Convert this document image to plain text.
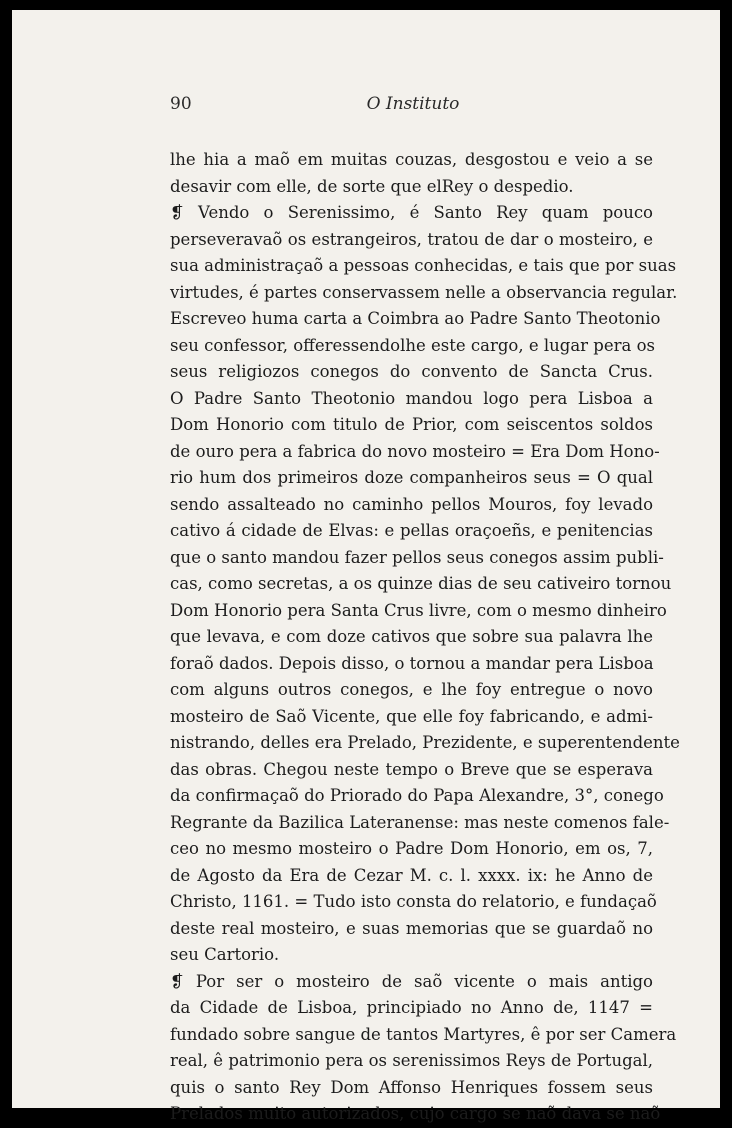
90	O Instituto
lhe hia a maõ em muitas couzas, desgostou e veio a se
desavir com elle, de sorte que elRey o despedio.
❡ Vendo o Serenissimo, é Santo Rey quam pouco
perseveravaõ os estrangeiros, tratou de dar o mosteiro, e
sua administraçaõ a pessoas conhecidas, e tais que por suas
virtudes, é partes conservassem nelle a observancia regular.
Escreveo huma carta a Coimbra ao Padre Santo Theotonio
seu confessor, offeressendolhe este cargo, e lugar pera os
seus religiozos conegos do convento de Sancta Crus.
O Padre Santo Theotonio mandou logo pera Lisboa a
Dom Honorio com titulo de Prior, com seiscentos soldos
de ouro pera a fabrica do novo mosteiro = Era Dom Hono-
rio hum dos primeiros doze companheiros seus = O qual
sendo assalteado no caminho pellos Mouros, foy levado
cativo á cidade de Elvas: e pellas oraçoeñs, e penitencias
que o santo mandou fazer pellos seus conegos assim publi-
cas, como secretas, a os quinze dias de seu cativeiro tornou
Dom Honorio pera Santa Crus livre, com o mesmo dinheiro
que levava, e com doze cativos que sobre sua palavra lhe
foraõ dados. Depois disso, o tornou a mandar pera Lisboa
com alguns outros conegos, e lhe foy entregue o novo
mosteiro de Saõ Vicente, que elle foy fabricando, e admi-
nistrando, delles era Prelado, Prezidente, e superentendente
das obras. Chegou neste tempo o Breve que se esperava
da confirmaçaõ do Priorado do Papa Alexandre, 3°, conego
Regrante da Bazilica Lateranense: mas neste comenos fale-
ceo no mesmo mosteiro o Padre Dom Honorio, em os, 7,
de Agosto da Era de Cezar M. c. l. xxxx. ix: he Anno de
Christo, 1161. = Tudo isto consta do relatorio, e fundaçaõ
deste real mosteiro, e suas memorias que se guardaõ no
seu Cartorio.
❡ Por ser o mosteiro de saõ vicente o mais antigo
da Cidade de Lisboa, principiado no Anno de, 1147 =
fundado sobre sangue de tantos Martyres, ê por ser Camera
real, ê patrimonio pera os serenissimos Reys de Portugal,
quis o santo Rey Dom Affonso Henriques fossem seus
Prelados muito autorizados, cujo cargo se naõ dava se naõ
